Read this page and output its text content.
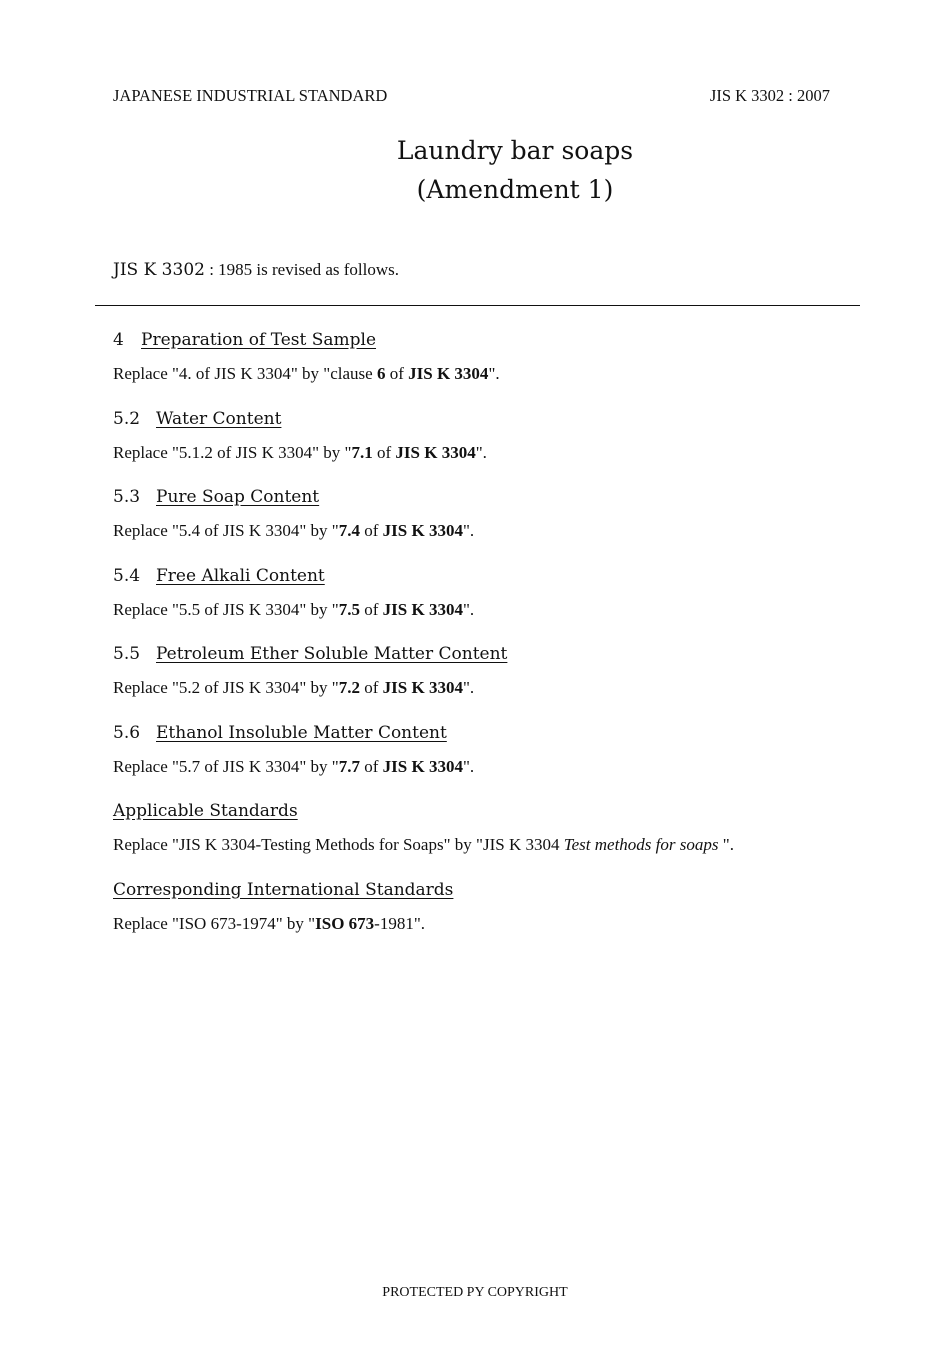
JAPANESE INDUSTRIAL STANDARD	JIS K 3302 : 2007
Laundry bar soaps
(Amendment 1)
JIS K 3302 : 1985 is revised as follows.
4 Preparation of Test Sample
Replace "4. of JIS K 3304" by "clause 6 of JIS K 3304".
5.2 Water Content
Replace "5.1.2 of JIS K 3304" by "7.1 of JIS K 3304".
5.3 Pure Soap Content
Replace "5.4 of JIS K 3304" by "7.4 of JIS K 3304".
5.4 Free Alkali Content
Replace "5.5 of JIS K 3304" by "7.5 of JIS K 3304".
5.5 Petroleum Ether Soluble Matter Content
Replace "5.2 of JIS K 3304" by "7.2 of JIS K 3304".
5.6 Ethanol Insoluble Matter Content
Replace "5.7 of JIS K 3304" by "7.7 of JIS K 3304".
Applicable Standards
Replace "JIS K 3304-Testing Methods for Soaps" by "JIS K 3304 Test methods for soaps ".
Corresponding International Standards
Replace "ISO 673-1974" by "ISO 673-1981".
PROTECTED PY COPYRIGHT
